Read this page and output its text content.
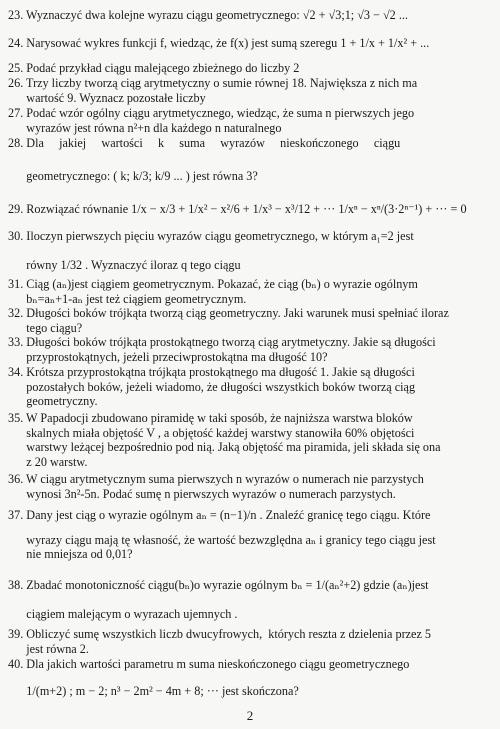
23. Wyznaczyć dwa kolejne wyrazu ciągu geometrycznego: √2 + √3;1; √3 − √2 ...
24. Narysować wykres funkcji f, wiedząc, że f(x) jest sumą szeregu 1 + 1/x + 1/x² + ...
25. Podać przykład ciągu malejącego zbieżnego do liczby 2
26. Trzy liczby tworzą ciąg arytmetyczny o sumie równej 18. Największa z nich ma
wartość 9. Wyznacz pozostałe liczby
27. Podać wzór ogólny ciągu arytmetycznego, wiedząc, że suma n pierwszych jego
wyrazów jest równa n²+n dla każdego n naturalnego
28. Dla     jakiej     wartości     k     suma     wyrazów     nieskończonego     ciągu
geometrycznego: ( k; k/3; k/9 ... ) jest równa 3?
29. Rozwiązać równanie 1/x − x/3 + 1/x² − x²/6 + 1/x³ − x³/12 + ··· 1/xⁿ − xⁿ/(3·2ⁿ⁻¹) + ··· = 0
30. Iloczyn pierwszych pięciu wyrazów ciągu geometrycznego, w którym a₁=2 jest
równy 1/32 . Wyznaczyć iloraz q tego ciągu
31. Ciąg (aₙ)jest ciągiem geometrycznym. Pokazać, że ciąg (bₙ) o wyrazie ogólnym
bₙ=aₙ+1-aₙ jest też ciągiem geometrycznym.
32. Długości boków trójkąta tworzą ciąg geometryczny. Jaki warunek musi spełniać iloraz
tego ciągu?
33. Długości boków trójkąta prostokątnego tworzą ciąg arytmetyczny. Jakie są długości
przyprostokątnych, jeżeli przeciwprostokątna ma długość 10?
34. Krótsza przyprostokątna trójkąta prostokątnego ma długość 1. Jakie są długości
pozostałych boków, jeżeli wiadomo, że długości wszystkich boków tworzą ciąg
geometryczny.
35. W Papadocji zbudowano piramidę w taki sposób, że najniższa warstwa bloków
skalnych miała objętość V , a objętość każdej warstwy stanowiła 60% objętości
warstwy leżącej bezpośrednio pod nią. Jaką objętość ma piramida, jeli składa się ona
z 20 warstw.
36. W ciągu arytmetycznym suma pierwszych n wyrazów o numerach nie parzystych
wynosi 3n²-5n. Podać sumę n pierwszych wyrazów o numerach parzystych.
37. Dany jest ciąg o wyrazie ogólnym aₙ = (n−1)/n . Znaleźć granicę tego ciągu. Które
wyrazy ciągu mają tę własność, że wartość bezwzględna aₙ i granicy tego ciągu jest
nie mniejsza od 0,01?
38. Zbadać monotoniczność ciągu(bₙ)o wyrazie ogólnym bₙ = 1/(aₙ²+2) gdzie (aₙ)jest
ciągiem malejącym o wyrazach ujemnych .
39. Obliczyć sumę wszystkich liczb dwucyfrowych,  których reszta z dzielenia przez 5
jest równa 2.
40. Dla jakich wartości parametru m suma nieskończonego ciągu geometrycznego
1/(m+2) ; m − 2; n³ − 2m² − 4m + 8; ··· jest skończona?
2
